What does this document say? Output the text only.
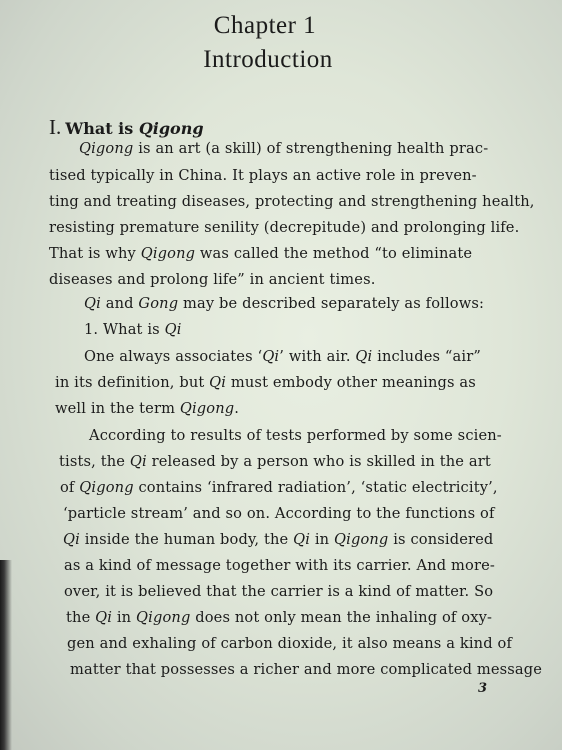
Chapter 1
Introduction
I. What is Qigong
Qigong is an art (a skill) of strengthening health prac-
tised typically in China. It plays an active role in preven-
ting and treating diseases, protecting and strengthening health,
resisting premature senility (decrepitude) and prolonging life.
That is why Qigong was called the method “to eliminate
diseases and prolong life” in ancient times.
Qi and Gong may be described separately as follows:
1. What is Qi
One always associates ‘Qi’ with air. Qi includes “air”
in its definition, but Qi must embody other meanings as
well in the term Qigong.
According to results of tests performed by some scien-
tists, the Qi released by a person who is skilled in the art
of Qigong contains ‘infrared radiation’, ‘static electricity’,
‘particle stream’ and so on. According to the functions of
Qi inside the human body, the Qi in Qigong is considered
as a kind of message together with its carrier. And more-
over, it is believed that the carrier is a kind of matter. So
the Qi in Qigong does not only mean the inhaling of oxy-
gen and exhaling of carbon dioxide, it also means a kind of
matter that possesses a richer and more complicated message
3
